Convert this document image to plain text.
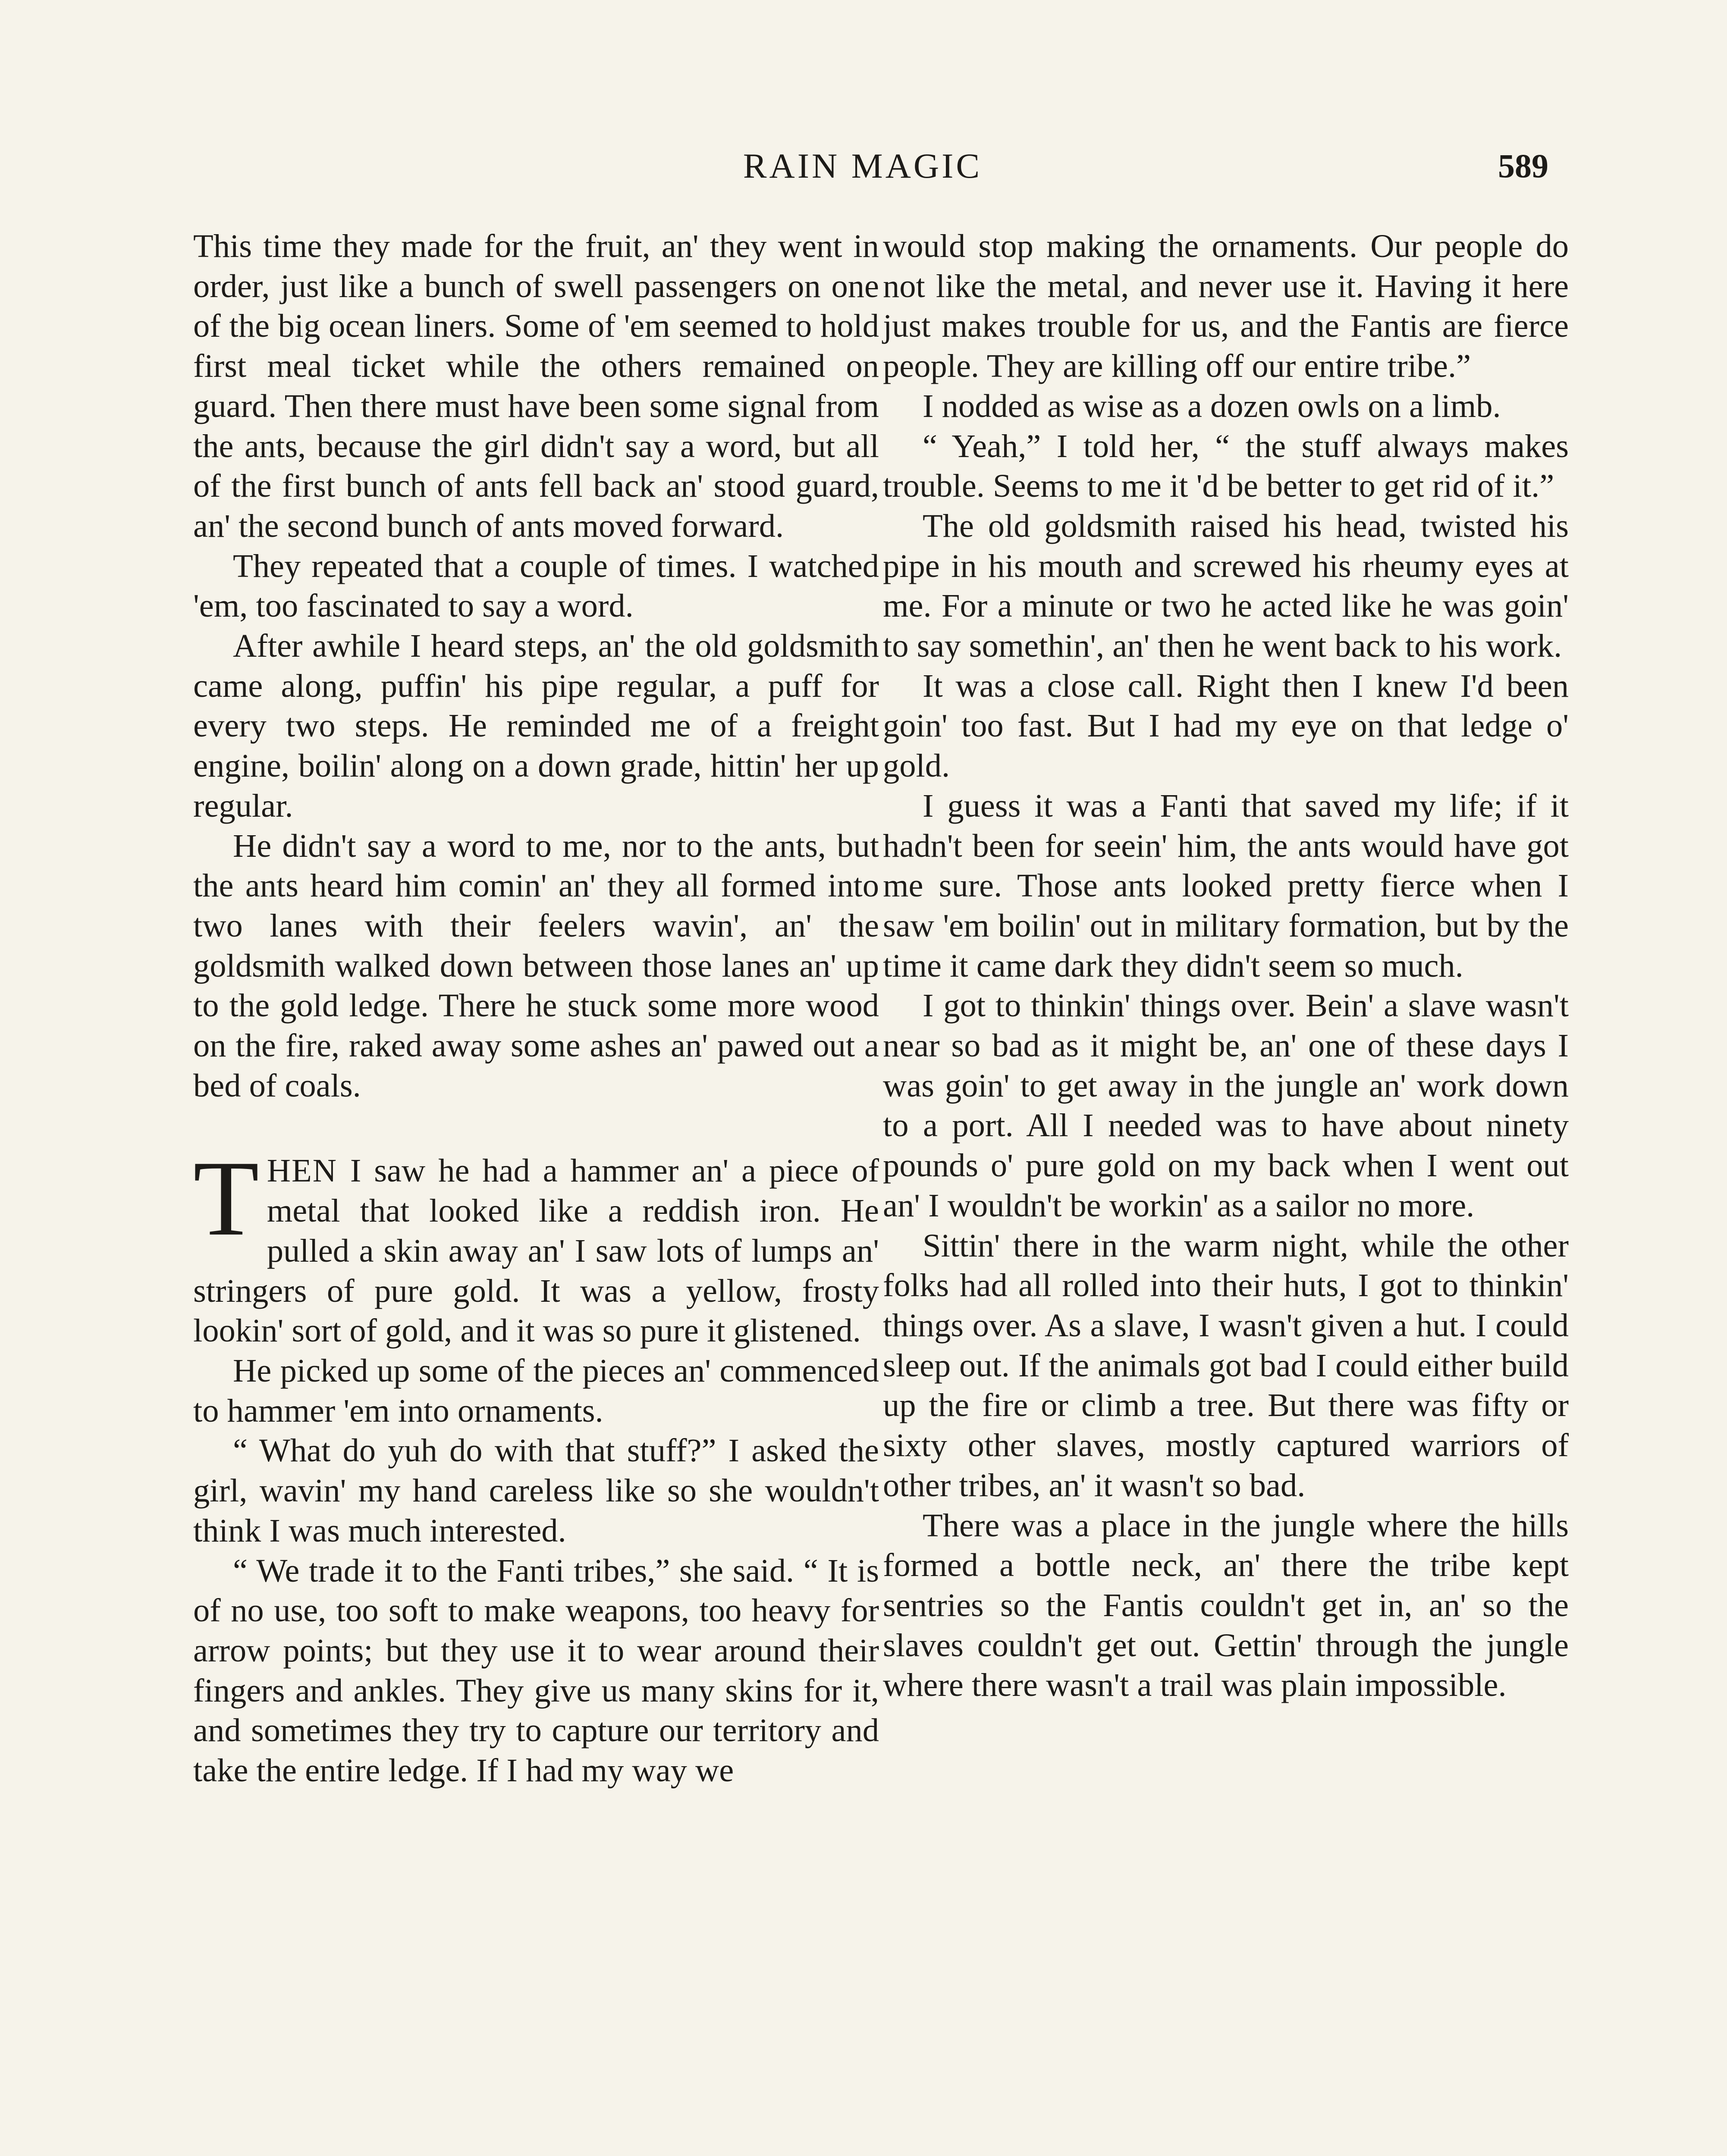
RAIN MAGIC	589

This time they made for the fruit, an' they went in order, just like a bunch of swell passengers on one of the big ocean liners. Some of 'em seemed to hold first meal ticket while the others remained on guard. Then there must have been some signal from the ants, because the girl didn't say a word, but all of the first bunch of ants fell back an' stood guard, an' the second bunch of ants moved forward.

They repeated that a couple of times. I watched 'em, too fascinated to say a word.

After awhile I heard steps, an' the old goldsmith came along, puffin' his pipe regular, a puff for every two steps. He reminded me of a freight engine, boilin' along on a down grade, hittin' her up regular.

He didn't say a word to me, nor to the ants, but the ants heard him comin' an' they all formed into two lanes with their feelers wavin', an' the goldsmith walked down between those lanes an' up to the gold ledge. There he stuck some more wood on the fire, raked away some ashes an' pawed out a bed of coals.

THEN I saw he had a hammer an' a piece of metal that looked like a reddish iron. He pulled a skin away an' I saw lots of lumps an' stringers of pure gold. It was a yellow, frosty lookin' sort of gold, and it was so pure it glistened.

He picked up some of the pieces an' commenced to hammer 'em into ornaments.

“ What do yuh do with that stuff?” I asked the girl, wavin' my hand careless like so she wouldn't think I was much interested.

“ We trade it to the Fanti tribes,” she said. “ It is of no use, too soft to make weapons, too heavy for arrow points; but they use it to wear around their fingers and ankles. They give us many skins for it, and sometimes they try to capture our territory and take the entire ledge. If I had my way we

would stop making the ornaments. Our people do not like the metal, and never use it. Having it here just makes trouble for us, and the Fantis are fierce people. They are killing off our entire tribe.”

I nodded as wise as a dozen owls on a limb.

“ Yeah,” I told her, “ the stuff always makes trouble. Seems to me it 'd be better to get rid of it.”

The old goldsmith raised his head, twisted his pipe in his mouth and screwed his rheumy eyes at me. For a minute or two he acted like he was goin' to say somethin', an' then he went back to his work.

It was a close call. Right then I knew I'd been goin' too fast. But I had my eye on that ledge o' gold.

I guess it was a Fanti that saved my life; if it hadn't been for seein' him, the ants would have got me sure. Those ants looked pretty fierce when I saw 'em boilin' out in military formation, but by the time it came dark they didn't seem so much.

I got to thinkin' things over. Bein' a slave wasn't near so bad as it might be, an' one of these days I was goin' to get away in the jungle an' work down to a port. All I needed was to have about ninety pounds o' pure gold on my back when I went out an' I wouldn't be workin' as a sailor no more.

Sittin' there in the warm night, while the other folks had all rolled into their huts, I got to thinkin' things over. As a slave, I wasn't given a hut. I could sleep out. If the animals got bad I could either build up the fire or climb a tree. But there was fifty or sixty other slaves, mostly captured warriors of other tribes, an' it wasn't so bad.

There was a place in the jungle where the hills formed a bottle neck, an' there the tribe kept sentries so the Fantis couldn't get in, an' so the slaves couldn't get out. Gettin' through the jungle where there wasn't a trail was plain impossible.
